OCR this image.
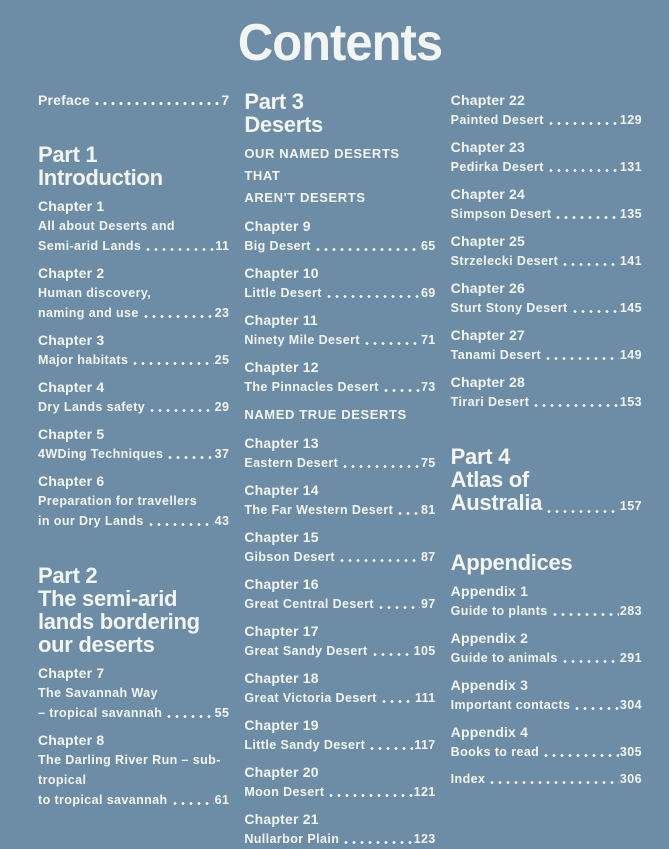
Contents
Preface	7
Part 1
Introduction
Chapter 1
All about Deserts and
Semi-arid Lands	11
Chapter 2
Human discovery,
naming and use	23
Chapter 3
Major habitats	25
Chapter 4
Dry Lands safety	29
Chapter 5
4WDing Techniques	37
Chapter 6
Preparation for travellers
in our Dry Lands	43
Part 2
The semi-arid
lands bordering
our deserts
Chapter 7
The Savannah Way
– tropical savannah	55
Chapter 8
The Darling River Run – sub-tropical
to tropical savannah	61
Part 3
Deserts
OUR NAMED DESERTS THAT
AREN'T DESERTS
Chapter 9
Big Desert	65
Chapter 10
Little Desert	69
Chapter 11
Ninety Mile Desert	71
Chapter 12
The Pinnacles Desert	73
NAMED TRUE DESERTS
Chapter 13
Eastern Desert	75
Chapter 14
The Far Western Desert 81
Chapter 15
Gibson Desert	87
Chapter 16
Great Central Desert	97
Chapter 17
Great Sandy Desert	105
Chapter 18
Great Victoria Desert	111
Chapter 19
Little Sandy Desert	117
Chapter 20
Moon Desert	121
Chapter 21
Nullarbor Plain	123
Chapter 22
Painted Desert	129
Chapter 23
Pedirka Desert	131
Chapter 24
Simpson Desert	135
Chapter 25
Strzelecki Desert	141
Chapter 26
Sturt Stony Desert	145
Chapter 27
Tanami Desert	149
Chapter 28
Tirari Desert	153
Part 4
Atlas of
Australia	157
Appendices
Appendix 1
Guide to plants	283
Appendix 2
Guide to animals	291
Appendix 3
Important contacts	304
Appendix 4
Books to read	305
Index	306
